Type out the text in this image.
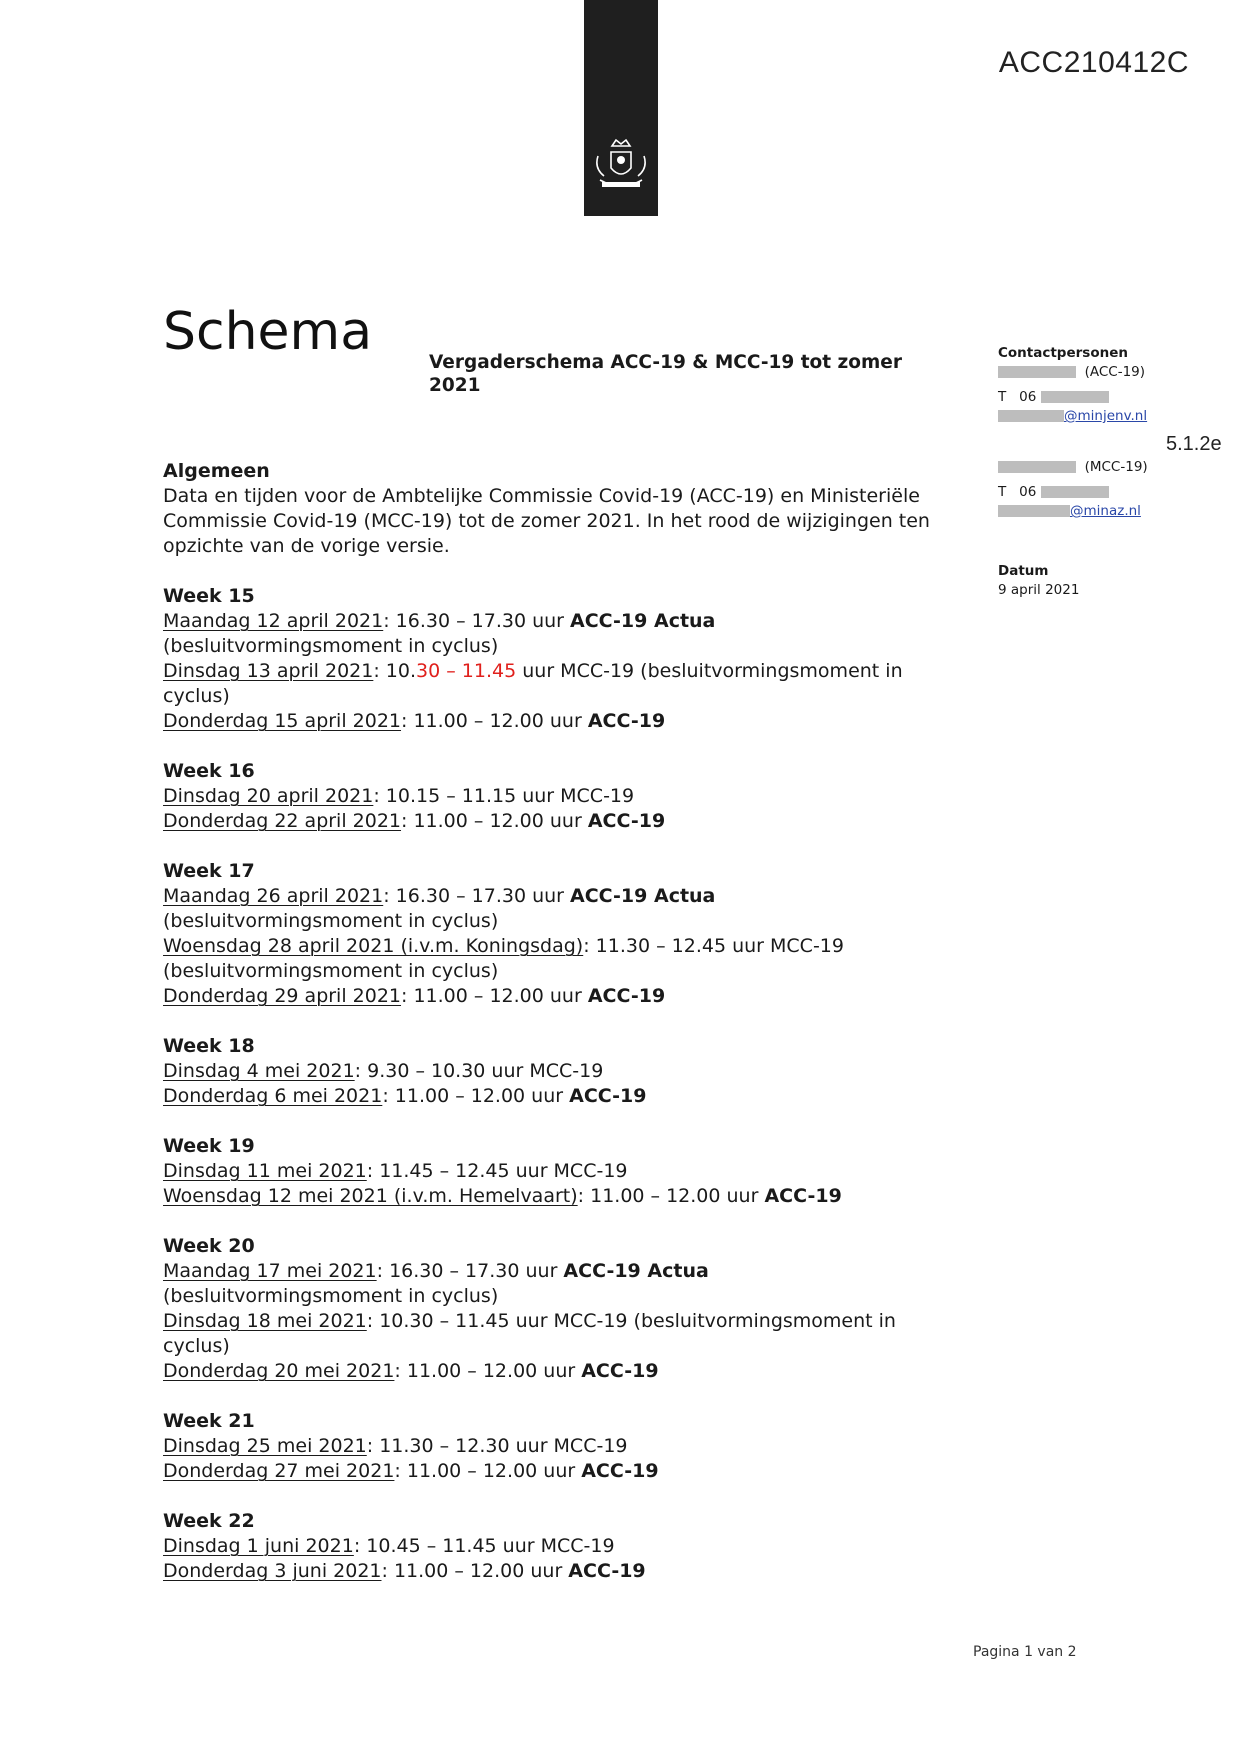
ACC210412C
Schema
Vergaderschema ACC-19 & MCC-19 tot zomer 2021

Algemeen

Data en tijden voor de Ambtelijke Commissie Covid-19 (ACC-19) en Ministeriële Commissie Covid-19 (MCC-19) tot de zomer 2021. In het rood de wijzigingen ten opzichte van de vorige versie.

Week 15

Maandag 12 april 2021: 16.30 – 17.30 uur ACC-19 Actua (besluitvormingsmoment in cyclus)

Dinsdag 13 april 2021: 10.30 – 11.45 uur MCC-19 (besluitvormingsmoment in cyclus)

Donderdag 15 april 2021: 11.00 – 12.00 uur ACC-19

Week 16

Dinsdag 20 april 2021: 10.15 – 11.15 uur MCC-19

Donderdag 22 april 2021: 11.00 – 12.00 uur ACC-19

Week 17

Maandag 26 april 2021: 16.30 – 17.30 uur ACC-19 Actua (besluitvormingsmoment in cyclus)

Woensdag 28 april 2021 (i.v.m. Koningsdag): 11.30 – 12.45 uur MCC-19 (besluitvormingsmoment in cyclus)

Donderdag 29 april 2021: 11.00 – 12.00 uur ACC-19

Week 18

Dinsdag 4 mei 2021: 9.30 – 10.30 uur MCC-19

Donderdag 6 mei 2021: 11.00 – 12.00 uur ACC-19

Week 19

Dinsdag 11 mei 2021: 11.45 – 12.45 uur MCC-19

Woensdag 12 mei 2021 (i.v.m. Hemelvaart): 11.00 – 12.00 uur ACC-19

Week 20

Maandag 17 mei 2021: 16.30 – 17.30 uur ACC-19 Actua (besluitvormingsmoment in cyclus)

Dinsdag 18 mei 2021: 10.30 – 11.45 uur MCC-19 (besluitvormingsmoment in cyclus)

Donderdag 20 mei 2021: 11.00 – 12.00 uur ACC-19

Week 21

Dinsdag 25 mei 2021: 11.30 – 12.30 uur MCC-19

Donderdag 27 mei 2021: 11.00 – 12.00 uur ACC-19

Week 22

Dinsdag 1 juni 2021: 10.45 – 11.45 uur MCC-19

Donderdag 3 juni 2021: 11.00 – 12.00 uur ACC-19

Contactpersonen
(ACC-19)
T   06
@minjenv.nl
(MCC-19)
T   06
@minaz.nl
Datum
9 april 2021
5.1.2e
Pagina 1 van 2
